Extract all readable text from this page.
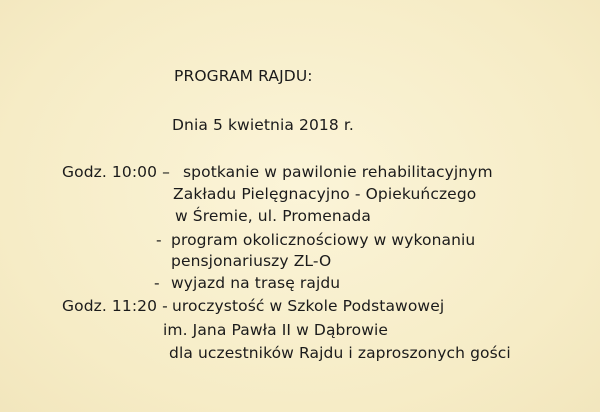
PROGRAM RAJDU:
Dnia 5 kwietnia 2018 r.
Godz. 10:00 – spotkanie w pawilonie rehabilitacyjnym
Zakładu Pielęgnacyjno - Opiekuńczego
w Śremie, ul. Promenada
- program okolicznościowy w wykonaniu
pensjonariuszy ZL-O
- wyjazd na trasę rajdu
Godz. 11:20 - uroczystość w Szkole Podstawowej
im. Jana Pawła II w Dąbrowie
dla uczestników Rajdu i zaproszonych gości
